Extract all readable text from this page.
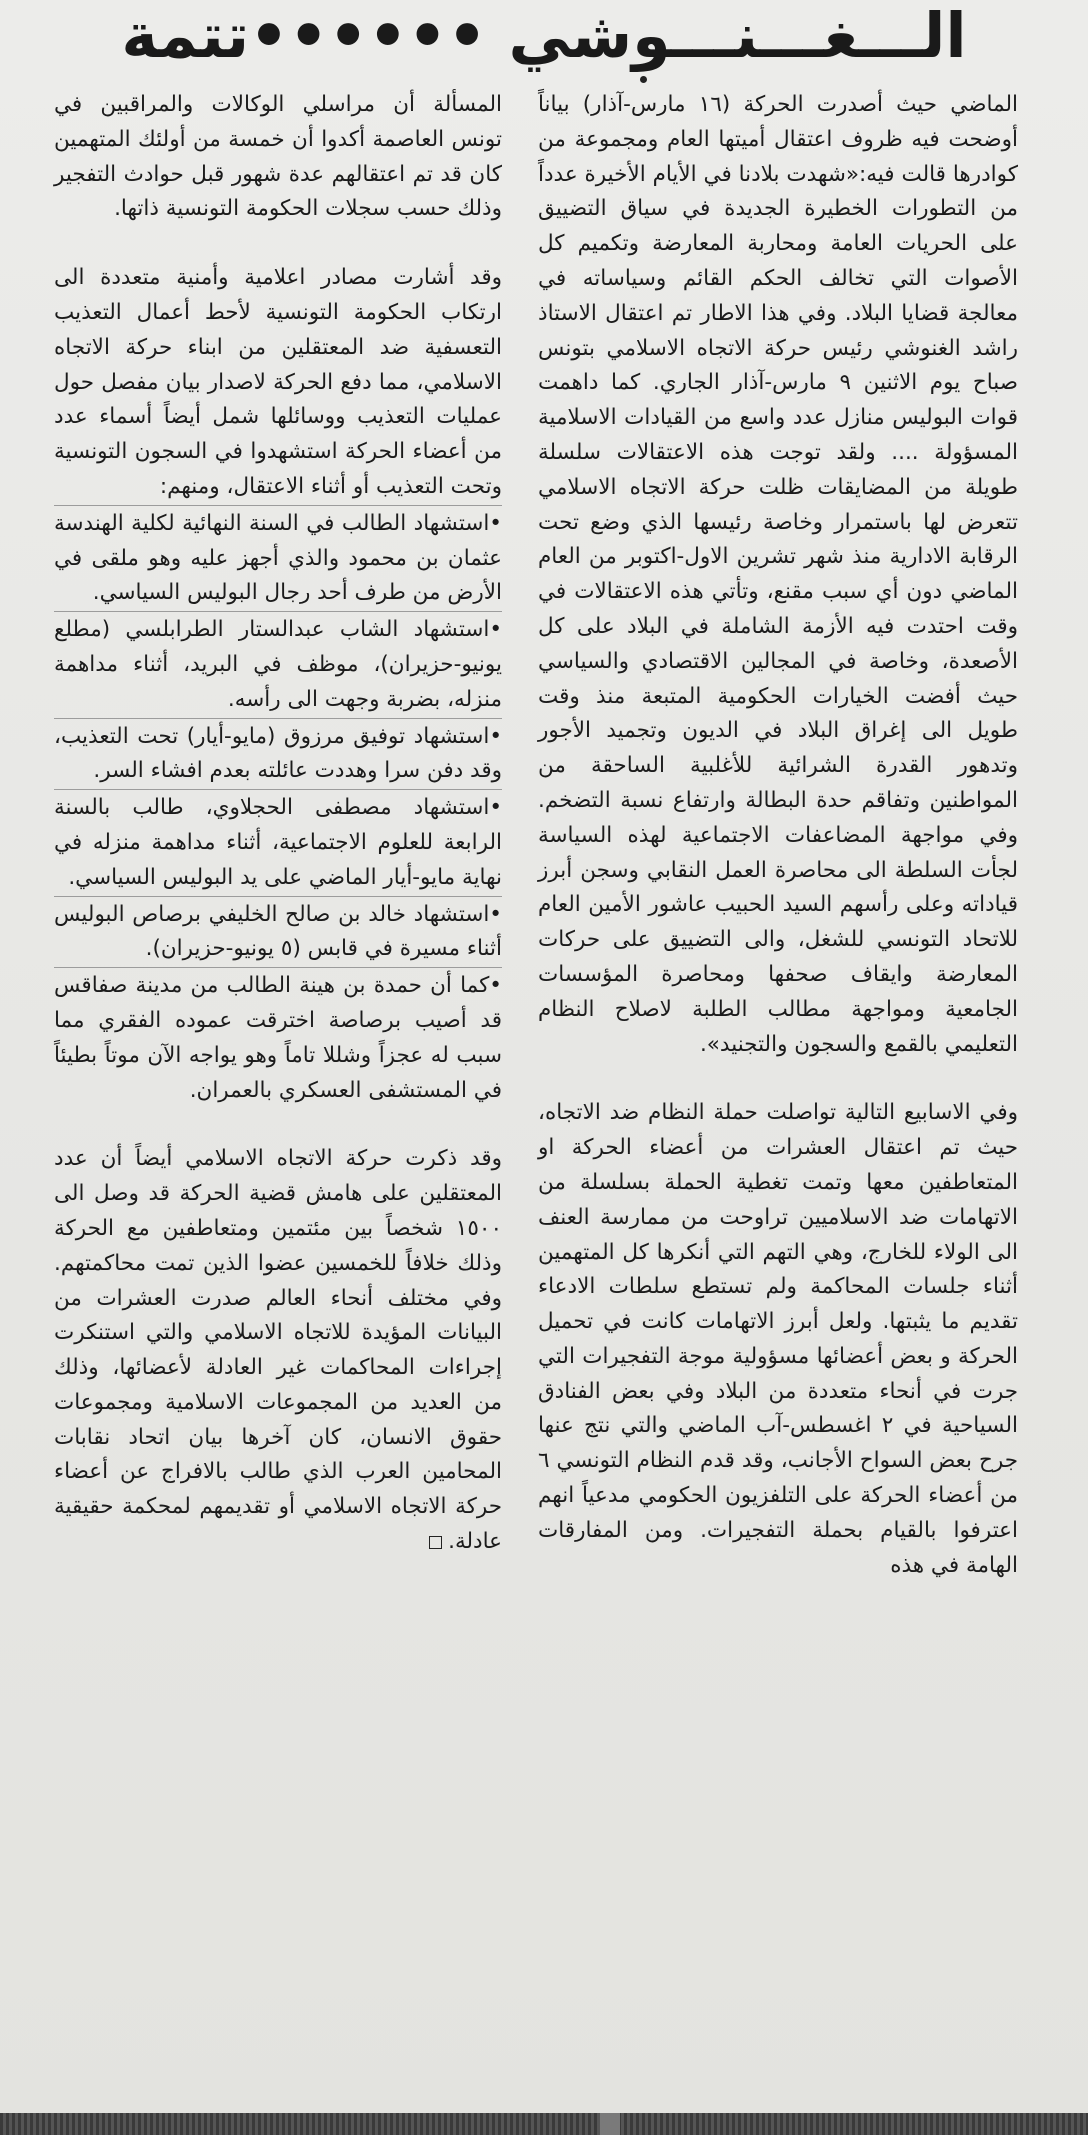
الـــغـــنـــوشي ••••••تتمة

الماضي حيث أصدرت الحركة (١٦ مارس-آذار) بياناً أوضحت فيه ظروف اعتقال أميتها العام ومجموعة من كوادرها قالت فيه:«شهدت بلادنا في الأيام الأخيرة عدداً من التطورات الخطيرة الجديدة في سياق التضييق على الحريات العامة ومحاربة المعارضة وتكميم كل الأصوات التي تخالف الحكم القائم وسياساته في معالجة قضايا البلاد. وفي هذا الاطار تم اعتقال الاستاذ راشد الغنوشي رئيس حركة الاتجاه الاسلامي بتونس صباح يوم الاثنين ٩ مارس-آذار الجاري. كما داهمت قوات البوليس منازل عدد واسع من القيادات الاسلامية المسؤولة .... ولقد توجت هذه الاعتقالات سلسلة طويلة من المضايقات ظلت حركة الاتجاه الاسلامي تتعرض لها باستمرار وخاصة رئيسها الذي وضع تحت الرقابة الادارية منذ شهر تشرين الاول-اكتوبر من العام الماضي دون أي سبب مقنع، وتأتي هذه الاعتقالات في وقت احتدت فيه الأزمة الشاملة في البلاد على كل الأصعدة، وخاصة في المجالين الاقتصادي والسياسي حيث أفضت الخيارات الحكومية المتبعة منذ وقت طويل الى إغراق البلاد في الديون وتجميد الأجور وتدهور القدرة الشرائية للأغلبية الساحقة من المواطنين وتفاقم حدة البطالة وارتفاع نسبة التضخم. وفي مواجهة المضاعفات الاجتماعية لهذه السياسة لجأت السلطة الى محاصرة العمل النقابي وسجن أبرز قياداته وعلى رأسهم السيد الحبيب عاشور الأمين العام للاتحاد التونسي للشغل، والى التضييق على حركات المعارضة وايقاف صحفها ومحاصرة المؤسسات الجامعية ومواجهة مطالب الطلبة لاصلاح النظام التعليمي بالقمع والسجون والتجنيد».

وفي الاسابيع التالية تواصلت حملة النظام ضد الاتجاه، حيث تم اعتقال العشرات من أعضاء الحركة او المتعاطفين معها وتمت تغطية الحملة بسلسلة من الاتهامات ضد الاسلاميين تراوحت من ممارسة العنف الى الولاء للخارج، وهي التهم التي أنكرها كل المتهمين أثناء جلسات المحاكمة ولم تستطع سلطات الادعاء تقديم ما يثبتها. ولعل أبرز الاتهامات كانت في تحميل الحركة و بعض أعضائها مسؤولية موجة التفجيرات التي جرت في أنحاء متعددة من البلاد وفي بعض الفنادق السياحية في ٢ اغسطس-آب الماضي والتي نتج عنها جرح بعض السواح الأجانب، وقد قدم النظام التونسي ٦ من أعضاء الحركة على التلفزيون الحكومي مدعياً انهم اعترفوا بالقيام بحملة التفجيرات. ومن المفارقات الهامة في هذه

المسألة أن مراسلي الوكالات والمراقبين في تونس العاصمة أكدوا أن خمسة من أولئك المتهمين كان قد تم اعتقالهم عدة شهور قبل حوادث التفجير وذلك حسب سجلات الحكومة التونسية ذاتها.

وقد أشارت مصادر اعلامية وأمنية متعددة الى ارتكاب الحكومة التونسية لأحط أعمال التعذيب التعسفية ضد المعتقلين من ابناء حركة الاتجاه الاسلامي، مما دفع الحركة لاصدار بيان مفصل حول عمليات التعذيب ووسائلها شمل أيضاً أسماء عدد من أعضاء الحركة استشهدوا في السجون التونسية وتحت التعذيب أو أثناء الاعتقال، ومنهم:

•استشهاد الطالب في السنة النهائية لكلية الهندسة عثمان بن محمود والذي أجهز عليه وهو ملقى في الأرض من طرف أحد رجال البوليس السياسي.

•استشهاد الشاب عبدالستار الطرابلسي (مطلع يونيو-حزيران)، موظف في البريد، أثناء مداهمة منزله، بضربة وجهت الى رأسه.

•استشهاد توفيق مرزوق (مايو-أيار) تحت التعذيب، وقد دفن سرا وهددت عائلته بعدم افشاء السر.

•استشهاد مصطفى الحجلاوي، طالب بالسنة الرابعة للعلوم الاجتماعية، أثناء مداهمة منزله في نهاية مايو-أيار الماضي على يد البوليس السياسي.

•استشهاد خالد بن صالح الخليفي برصاص البوليس أثناء مسيرة في قابس (٥ يونيو-حزيران).

•كما أن حمدة بن هينة الطالب من مدينة صفاقس قد أصيب برصاصة اخترقت عموده الفقري مما سبب له عجزاً وشللا تاماً وهو يواجه الآن موتاً بطيئاً في المستشفى العسكري بالعمران.

وقد ذكرت حركة الاتجاه الاسلامي أيضاً أن عدد المعتقلين على هامش قضية الحركة قد وصل الى ١٥٠٠ شخصاً بين مئتمين ومتعاطفين مع الحركة وذلك خلافاً للخمسين عضوا الذين تمت محاكمتهم. وفي مختلف أنحاء العالم صدرت العشرات من البيانات المؤيدة للاتجاه الاسلامي والتي استنكرت إجراءات المحاكمات غير العادلة لأعضائها، وذلك من العديد من المجموعات الاسلامية ومجموعات حقوق الانسان، كان آخرها بيان اتحاد نقابات المحامين العرب الذي طالب بالافراج عن أعضاء حركة الاتجاه الاسلامي أو تقديمهم لمحكمة حقيقية عادلة.
